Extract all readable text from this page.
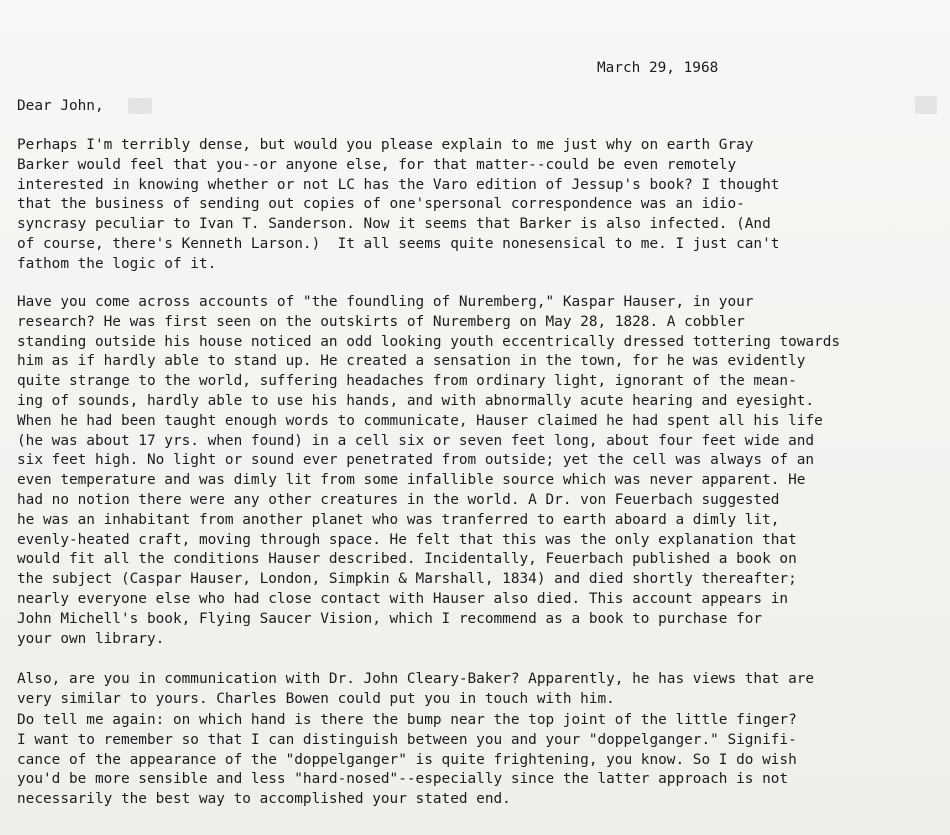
March 29, 1968
Dear John,
Perhaps I'm terribly dense, but would you please explain to me just why on earth Gray
Barker would feel that you--or anyone else, for that matter--could be even remotely
interested in knowing whether or not LC has the Varo edition of Jessup's book? I thought
that the business of sending out copies of one'spersonal correspondence was an idio-
syncrasy peculiar to Ivan T. Sanderson. Now it seems that Barker is also infected. (And
of course, there's Kenneth Larson.)  It all seems quite nonesensical to me. I just can't
fathom the logic of it.
Have you come across accounts of "the foundling of Nuremberg," Kaspar Hauser, in your
research? He was first seen on the outskirts of Nuremberg on May 28, 1828. A cobbler
standing outside his house noticed an odd looking youth eccentrically dressed tottering towards
him as if hardly able to stand up. He created a sensation in the town, for he was evidently
quite strange to the world, suffering headaches from ordinary light, ignorant of the mean-
ing of sounds, hardly able to use his hands, and with abnormally acute hearing and eyesight.
When he had been taught enough words to communicate, Hauser claimed he had spent all his life
(he was about 17 yrs. when found) in a cell six or seven feet long, about four feet wide and
six feet high. No light or sound ever penetrated from outside; yet the cell was always of an
even temperature and was dimly lit from some infallible source which was never apparent. He
had no notion there were any other creatures in the world. A Dr. von Feuerbach suggested
he was an inhabitant from another planet who was tranferred to earth aboard a dimly lit,
evenly-heated craft, moving through space. He felt that this was the only explanation that
would fit all the conditions Hauser described. Incidentally, Feuerbach published a book on
the subject (Caspar Hauser, London, Simpkin & Marshall, 1834) and died shortly thereafter;
nearly everyone else who had close contact with Hauser also died. This account appears in
John Michell's book, Flying Saucer Vision, which I recommend as a book to purchase for
your own library.
Also, are you in communication with Dr. John Cleary-Baker? Apparently, he has views that are
very similar to yours. Charles Bowen could put you in touch with him.
Do tell me again: on which hand is there the bump near the top joint of the little finger?
I want to remember so that I can distinguish between you and your "doppelganger." Signifi-
cance of the appearance of the "doppelganger" is quite frightening, you know. So I do wish
you'd be more sensible and less "hard-nosed"--especially since the latter approach is not
necessarily the best way to accomplished your stated end.
